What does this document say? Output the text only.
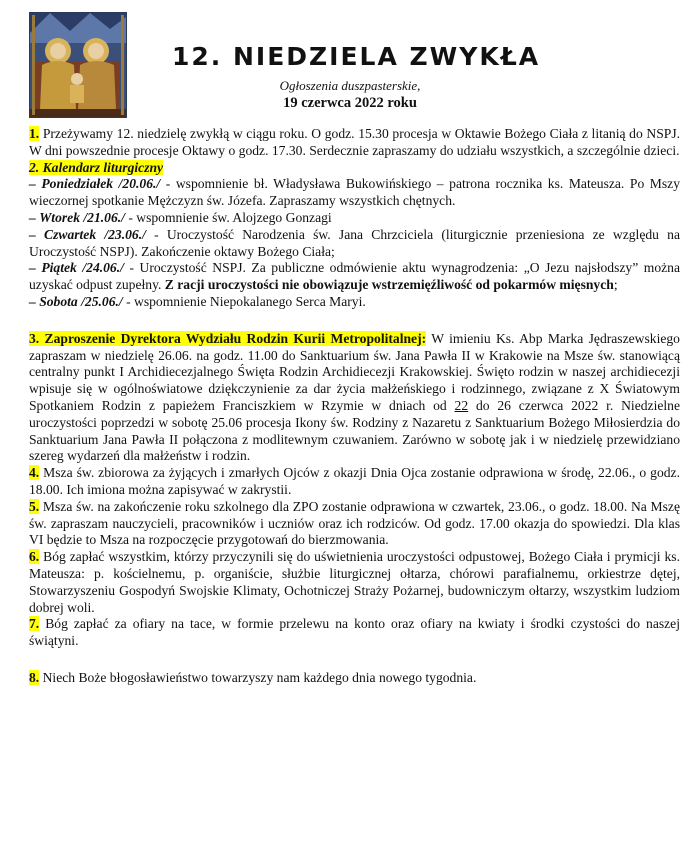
12. NIEDZIELA ZWYKŁA
Ogłoszenia duszpasterskie,
19 czerwca 2022 roku

1. Przeżywamy 12. niedzielę zwykłą w ciągu roku. O godz. 15.30 procesja w Oktawie Bożego Ciała z litanią do NSPJ. W dni powszednie procesje Oktawy o godz. 17.30. Serdecznie zapraszamy do udziału wszystkich, a szczególnie dzieci.

2. Kalendarz liturgiczny

– Poniedziałek /20.06./ - wspomnienie bł. Władysława Bukowińskiego – patrona rocznika ks. Mateusza. Po Mszy wieczornej spotkanie Mężczyzn św. Józefa. Zapraszamy wszystkich chętnych.

– Wtorek /21.06./ - wspomnienie św. Alojzego Gonzagi

– Czwartek /23.06./ - Uroczystość Narodzenia św. Jana Chrzciciela (liturgicznie przeniesiona ze względu na Uroczystość NSPJ). Zakończenie oktawy Bożego Ciała;

– Piątek /24.06./ - Uroczystość NSPJ. Za publiczne odmówienie aktu wynagrodzenia: „O Jezu najsłodszy” można uzyskać odpust zupełny. Z racji uroczystości nie obowiązuje wstrzemięźliwość od pokarmów mięsnych;

– Sobota /25.06./ - wspomnienie Niepokalanego Serca Maryi.

3. Zaproszenie Dyrektora Wydziału Rodzin Kurii Metropolitalnej: W imieniu Ks. Abp Marka Jędraszewskiego zapraszam w niedzielę 26.06. na godz. 11.00 do Sanktuarium św. Jana Pawła II w Krakowie na Msze św. stanowiącą centralny punkt I Archidiecezjalnego Święta Rodzin Archidiecezji Krakowskiej. Święto rodzin w naszej archidiecezji wpisuje się w ogólnoświatowe dziękczynienie za dar życia małżeńskiego i rodzinnego, związane z X Światowym Spotkaniem Rodzin z papieżem Franciszkiem w Rzymie w dniach od 22 do 26 czerwca 2022 r. Niedzielne uroczystości poprzedzi w sobotę 25.06 procesja Ikony św. Rodziny z Nazaretu z Sanktuarium Bożego Miłosierdzia do Sanktuarium Jana Pawła II połączona z modlitewnym czuwaniem. Zarówno w sobotę jak i w niedzielę przewidziano szereg wydarzeń dla małżeństw i rodzin.

4. Msza św. zbiorowa za żyjących i zmarłych Ojców z okazji Dnia Ojca zostanie odprawiona w środę, 22.06., o godz. 18.00. Ich imiona można zapisywać w zakrystii.

5. Msza św. na zakończenie roku szkolnego dla ZPO zostanie odprawiona w czwartek, 23.06., o godz. 18.00. Na Mszę św. zapraszam nauczycieli, pracowników i uczniów oraz ich rodziców. Od godz. 17.00 okazja do spowiedzi. Dla klas VI będzie to Msza na rozpoczęcie przygotowań do bierzmowania.

6. Bóg zapłać wszystkim, którzy przyczynili się do uświetnienia uroczystości odpustowej, Bożego Ciała i prymicji ks. Mateusza: p. kościelnemu, p. organiście, służbie liturgicznej ołtarza, chórowi parafialnemu, orkiestrze dętej, Stowarzyszeniu Gospodyń Swojskie Klimaty, Ochotniczej Straży Pożarnej, budowniczym ołtarzy, wszystkim ludziom dobrej woli.

7. Bóg zapłać za ofiary na tace, w formie przelewu na konto oraz ofiary na kwiaty i środki czystości do naszej świątyni.

8. Niech Boże błogosławieństwo towarzyszy nam każdego dnia nowego tygodnia.
